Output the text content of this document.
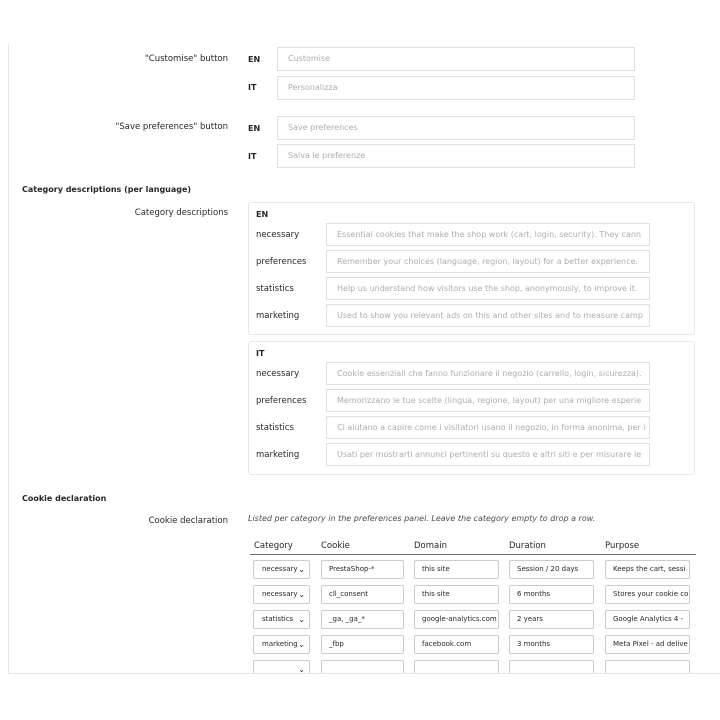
"Customise" button	EN	Customise
IT	Personalizza
"Save preferences" button	EN	Save preferences
IT	Salva le preferenze
Category descriptions (per language)
Category descriptions	EN
necessary	Essential cookies that make the shop work (cart, login, security). They cann
preferences	Remember your choices (language, region, layout) for a better experience.
statistics	Help us understand how visitors use the shop, anonymously, to improve it.
marketing	Used to show you relevant ads on this and other sites and to measure camp
IT
necessary	Cookie essenziali che fanno funzionare il negozio (carrello, login, sicurezza).
preferences	Memorizzano le tue scelte (lingua, regione, layout) per una migliore esperie
statistics	Ci aiutano a capire come i visitatori usano il negozio, in forma anonima, per i
marketing	Usati per mostrarti annunci pertinenti su questo e altri siti e per misurare le
Cookie declaration
Cookie declaration	Listed per category in the preferences panel. Leave the category empty to drop a row.
Category	Cookie	Domain	Duration	Purpose
necessary ⌄	PrestaShop-*	this site	Session / 20 days	Keeps the cart, sessi
necessary ⌄	cll_consent	this site	6 months	Stores your cookie co
statistics ⌄	_ga, _ga_*	google-analytics.com	2 years	Google Analytics 4 -
marketing ⌄	_fbp	facebook.com	3 months	Meta Pixel - ad delive
⌄
